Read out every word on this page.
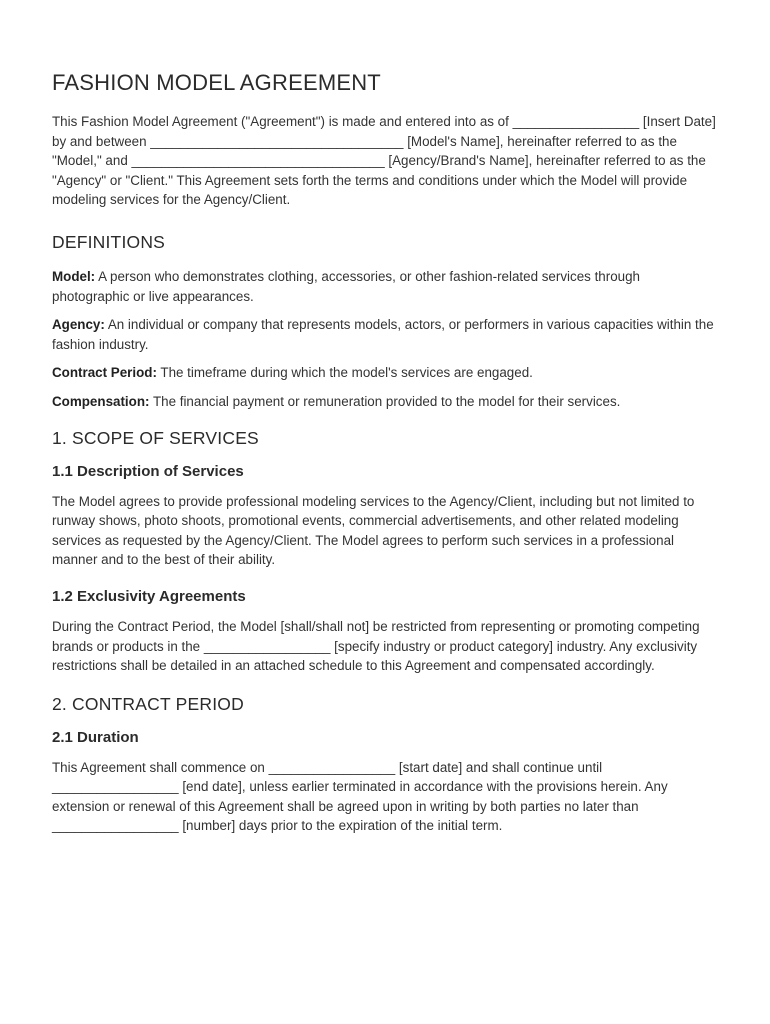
FASHION MODEL AGREEMENT

This Fashion Model Agreement ("Agreement") is made and entered into as of _________________ [Insert Date] by and between __________________________________ [Model's Name], hereinafter referred to as the "Model," and __________________________________ [Agency/Brand's Name], hereinafter referred to as the "Agency" or "Client." This Agreement sets forth the terms and conditions under which the Model will provide modeling services for the Agency/Client.

DEFINITIONS

Model: A person who demonstrates clothing, accessories, or other fashion-related services through photographic or live appearances.

Agency: An individual or company that represents models, actors, or performers in various capacities within the fashion industry.

Contract Period: The timeframe during which the model's services are engaged.

Compensation: The financial payment or remuneration provided to the model for their services.

1. SCOPE OF SERVICES
1.1 Description of Services

The Model agrees to provide professional modeling services to the Agency/Client, including but not limited to runway shows, photo shoots, promotional events, commercial advertisements, and other related modeling services as requested by the Agency/Client. The Model agrees to perform such services in a professional manner and to the best of their ability.

1.2 Exclusivity Agreements

During the Contract Period, the Model [shall/shall not] be restricted from representing or promoting competing brands or products in the _________________ [specify industry or product category] industry. Any exclusivity restrictions shall be detailed in an attached schedule to this Agreement and compensated accordingly.

2. CONTRACT PERIOD
2.1 Duration

This Agreement shall commence on _________________ [start date] and shall continue until _________________ [end date], unless earlier terminated in accordance with the provisions herein. Any extension or renewal of this Agreement shall be agreed upon in writing by both parties no later than _________________ [number] days prior to the expiration of the initial term.
